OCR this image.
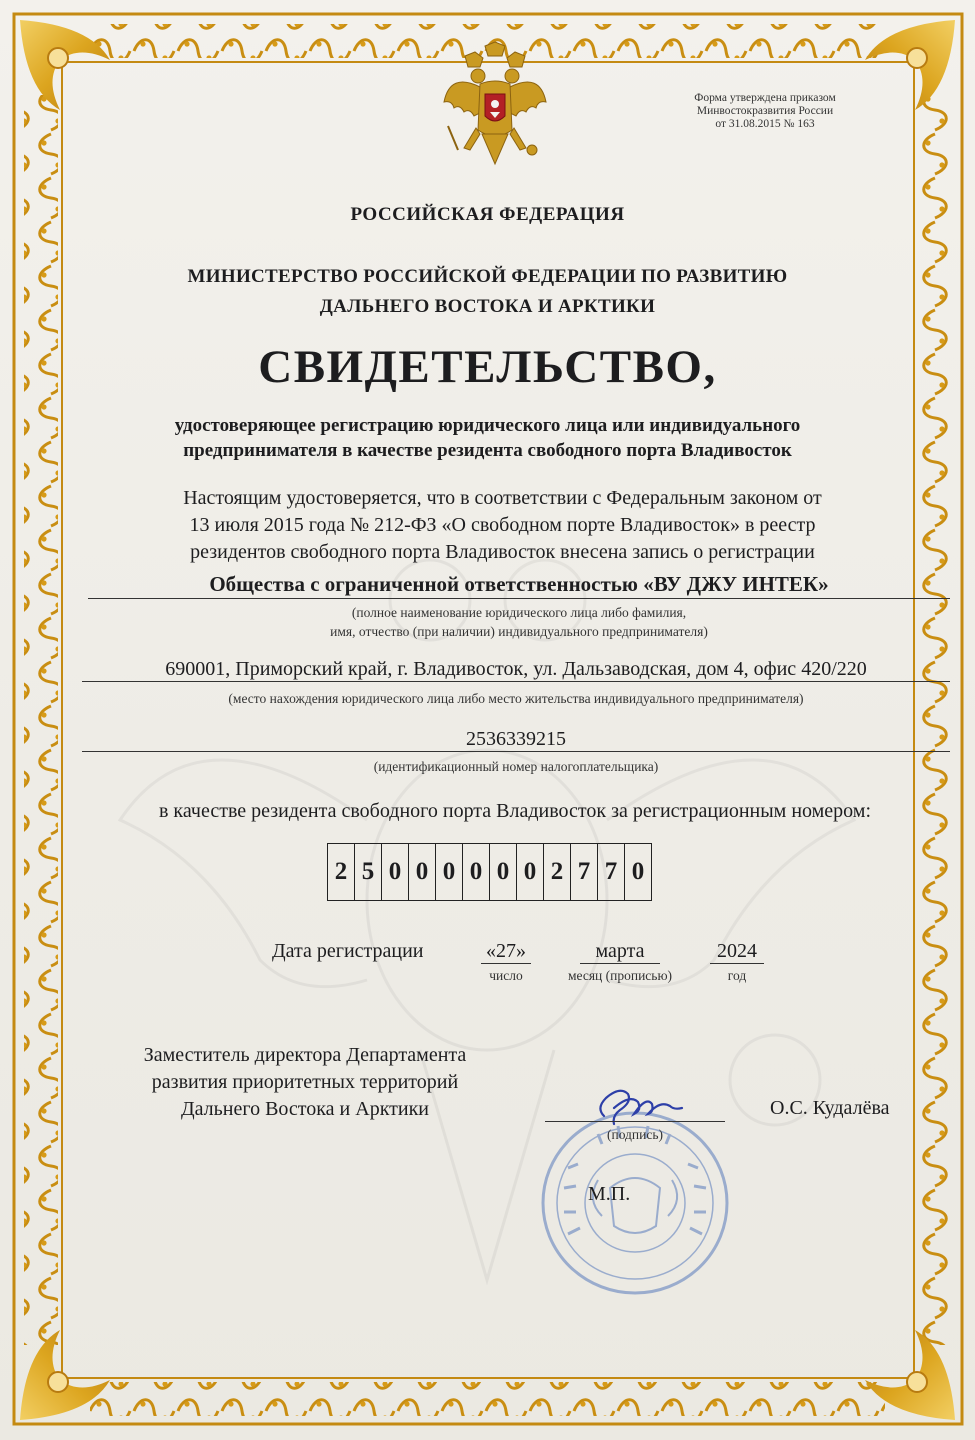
Форма утверждена приказом
Минвостокразвития России
от 31.08.2015 № 163
РОССИЙСКАЯ ФЕДЕРАЦИЯ
МИНИСТЕРСТВО РОССИЙСКОЙ ФЕДЕРАЦИИ ПО РАЗВИТИЮ
ДАЛЬНЕГО ВОСТОКА И АРКТИКИ
СВИДЕТЕЛЬСТВО,
удостоверяющее регистрацию юридического лица или индивидуального
предпринимателя в качестве резидента свободного порта Владивосток
Настоящим удостоверяется, что в соответствии с Федеральным законом от
13 июля 2015 года № 212-ФЗ «О свободном порте Владивосток» в реестр
резидентов свободного порта Владивосток внесена запись о регистрации
Общества с ограниченной ответственностью «ВУ ДЖУ ИНТЕК»
(полное наименование юридического лица либо фамилия,
имя, отчество (при наличии) индивидуального предпринимателя)
690001, Приморский край, г. Владивосток, ул. Дальзаводская, дом 4, офис 420/220
(место нахождения юридического лица либо место жительства индивидуального предпринимателя)
2536339215
(идентификационный номер налогоплательщика)
в качестве резидента свободного порта Владивосток за регистрационным номером:
2 5 0 0 0 0 0 0 2 7 7 0
Дата регистрации	«27»	марта	2024
число	месяц (прописью)	год
Заместитель директора Департамента
развития приоритетных территорий
Дальнего Востока и Арктики
(подпись)
О.С. Кудалёва
М.П.
